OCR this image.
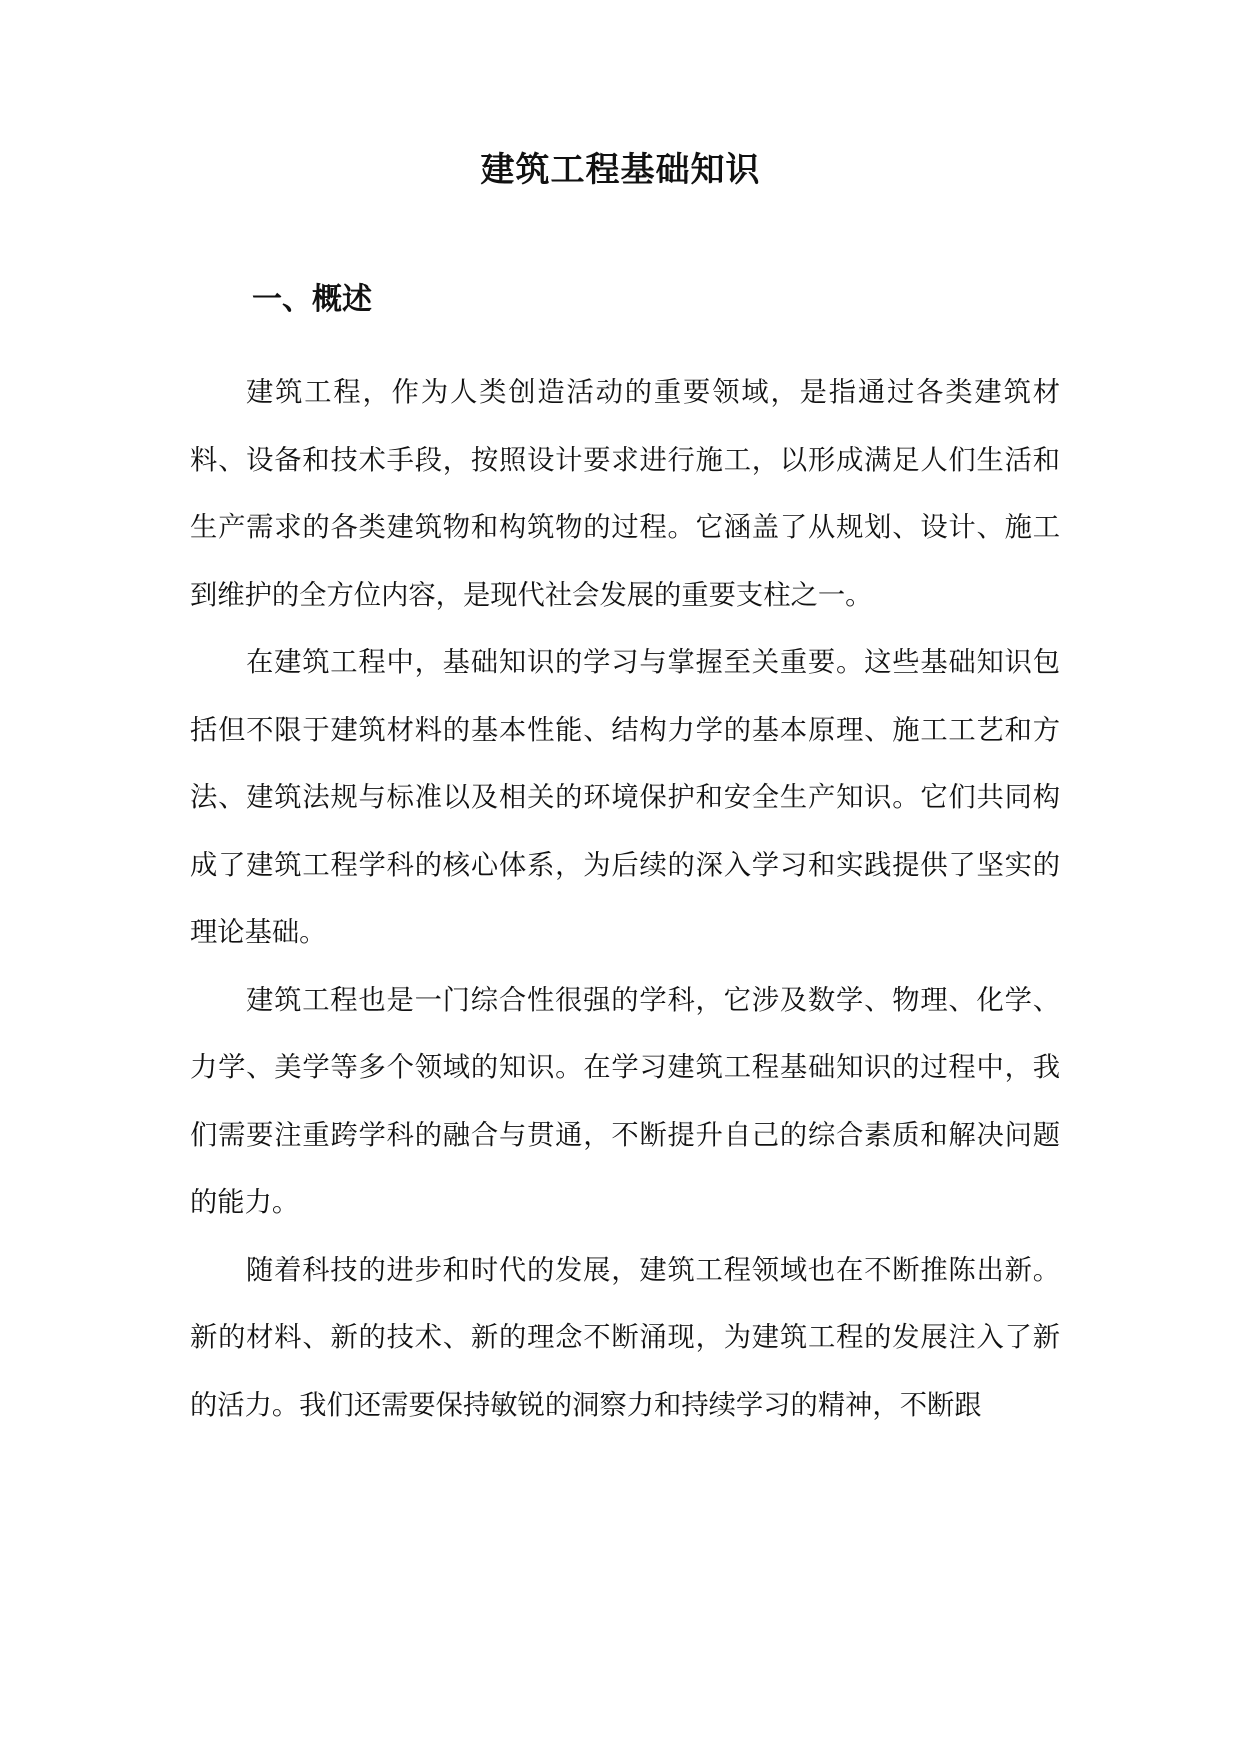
建筑工程基础知识
一、概述

建筑工程，作为人类创造活动的重要领域，是指通过各类建筑材料、设备和技术手段，按照设计要求进行施工，以形成满足人们生活和生产需求的各类建筑物和构筑物的过程。它涵盖了从规划、设计、施工到维护的全方位内容，是现代社会发展的重要支柱之一。

在建筑工程中，基础知识的学习与掌握至关重要。这些基础知识包括但不限于建筑材料的基本性能、结构力学的基本原理、施工工艺和方法、建筑法规与标准以及相关的环境保护和安全生产知识。它们共同构成了建筑工程学科的核心体系，为后续的深入学习和实践提供了坚实的理论基础。

建筑工程也是一门综合性很强的学科，它涉及数学、物理、化学、力学、美学等多个领域的知识。在学习建筑工程基础知识的过程中，我们需要注重跨学科的融合与贯通，不断提升自己的综合素质和解决问题的能力。

随着科技的进步和时代的发展，建筑工程领域也在不断推陈出新。新的材料、新的技术、新的理念不断涌现，为建筑工程的发展注入了新的活力。我们还需要保持敏锐的洞察力和持续学习的精神，不断跟
